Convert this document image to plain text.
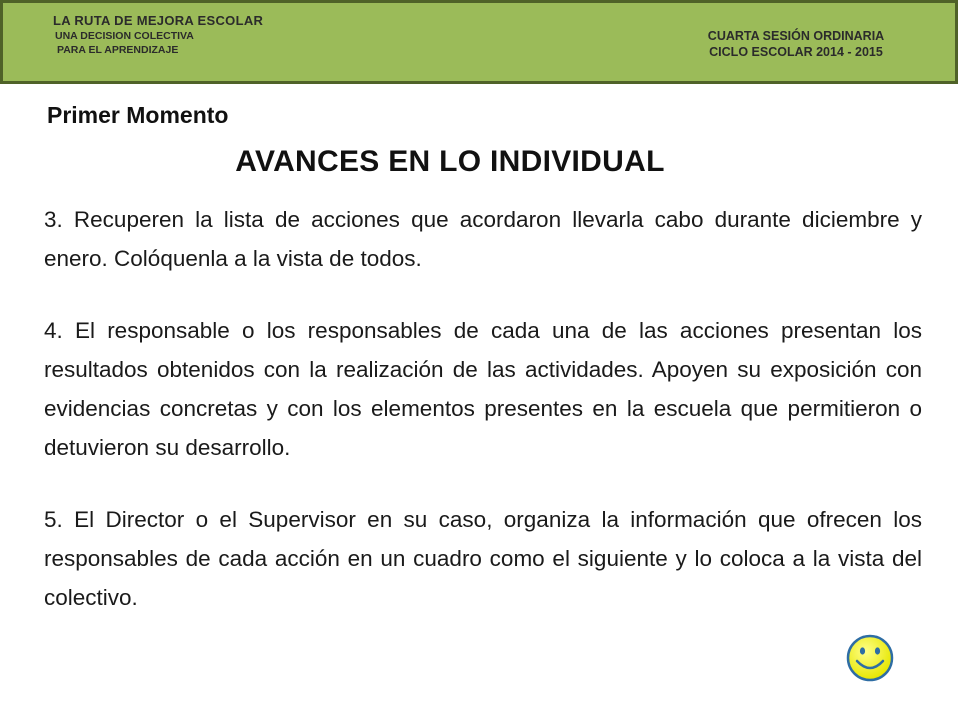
LA RUTA DE MEJORA ESCOLAR

UNA DECISION COLECTIVA

PARA EL APRENDIZAJE

CUARTA SESIÓN ORDINARIA
CICLO ESCOLAR 2014 - 2015
Primer Momento
AVANCES EN LO INDIVIDUAL

3. Recuperen la lista de acciones que acordaron llevarla cabo durante diciembre y enero. Colóquenla a la vista de todos.

4. El responsable o los responsables de cada una de las acciones presentan los resultados obtenidos con la realización de las actividades. Apoyen su exposición con evidencias concretas y con los elementos presentes en la escuela que permitieron o detuvieron su desarrollo.

5. El Director o el Supervisor en su caso, organiza la información que ofrecen los responsables de cada acción en un cuadro como el siguiente y lo coloca a la vista del colectivo.
